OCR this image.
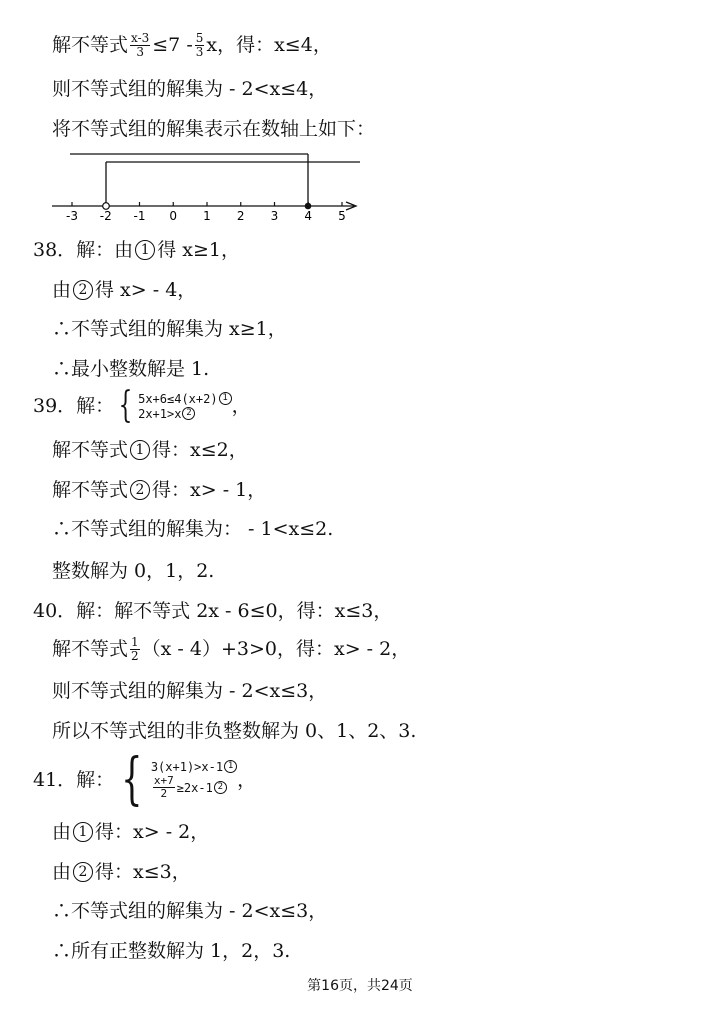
解不等式 $\frac{x-3}{3} \le 7 - \frac{5}{3}$ x，得：x≤4，
则不等式组的解集为 - 2<x≤4，
将不等式组的解集表示在数轴上如下：
-3 -2 -1 0 1 2 3 4 5
38．解：由 1 得 x≥1，
由 2 得 x> - 4，
∴不等式组的解集为 x≥1，
∴最小整数解是 1.
39．解： { 5x+6≤4(x+2) 1
2x+1>x 2 ，
解不等式 1 得：x≤2，
解不等式 2 得：x> - 1，
∴不等式组的解集为： - 1<x≤2.
整数解为 0，1，2.
40．解：解不等式 2x - 6≤0，得：x≤3，
解不等式 $\frac{1}{2} (x - 4)+3>0$，得：x> - 2，
则不等式组的解集为 - 2<x≤3，
所以不等式组的非负整数解为 0、1、2、3.
41．解： { 3(x+1)>x-1 1
$\frac{x+7}{2} \ge 2x-1$ 2 ，
由 1 得：x> - 2，
由 2 得：x≤3，
∴不等式组的解集为 - 2<x≤3，
∴所有正整数解为 1，2，3.
第16页，共24页
